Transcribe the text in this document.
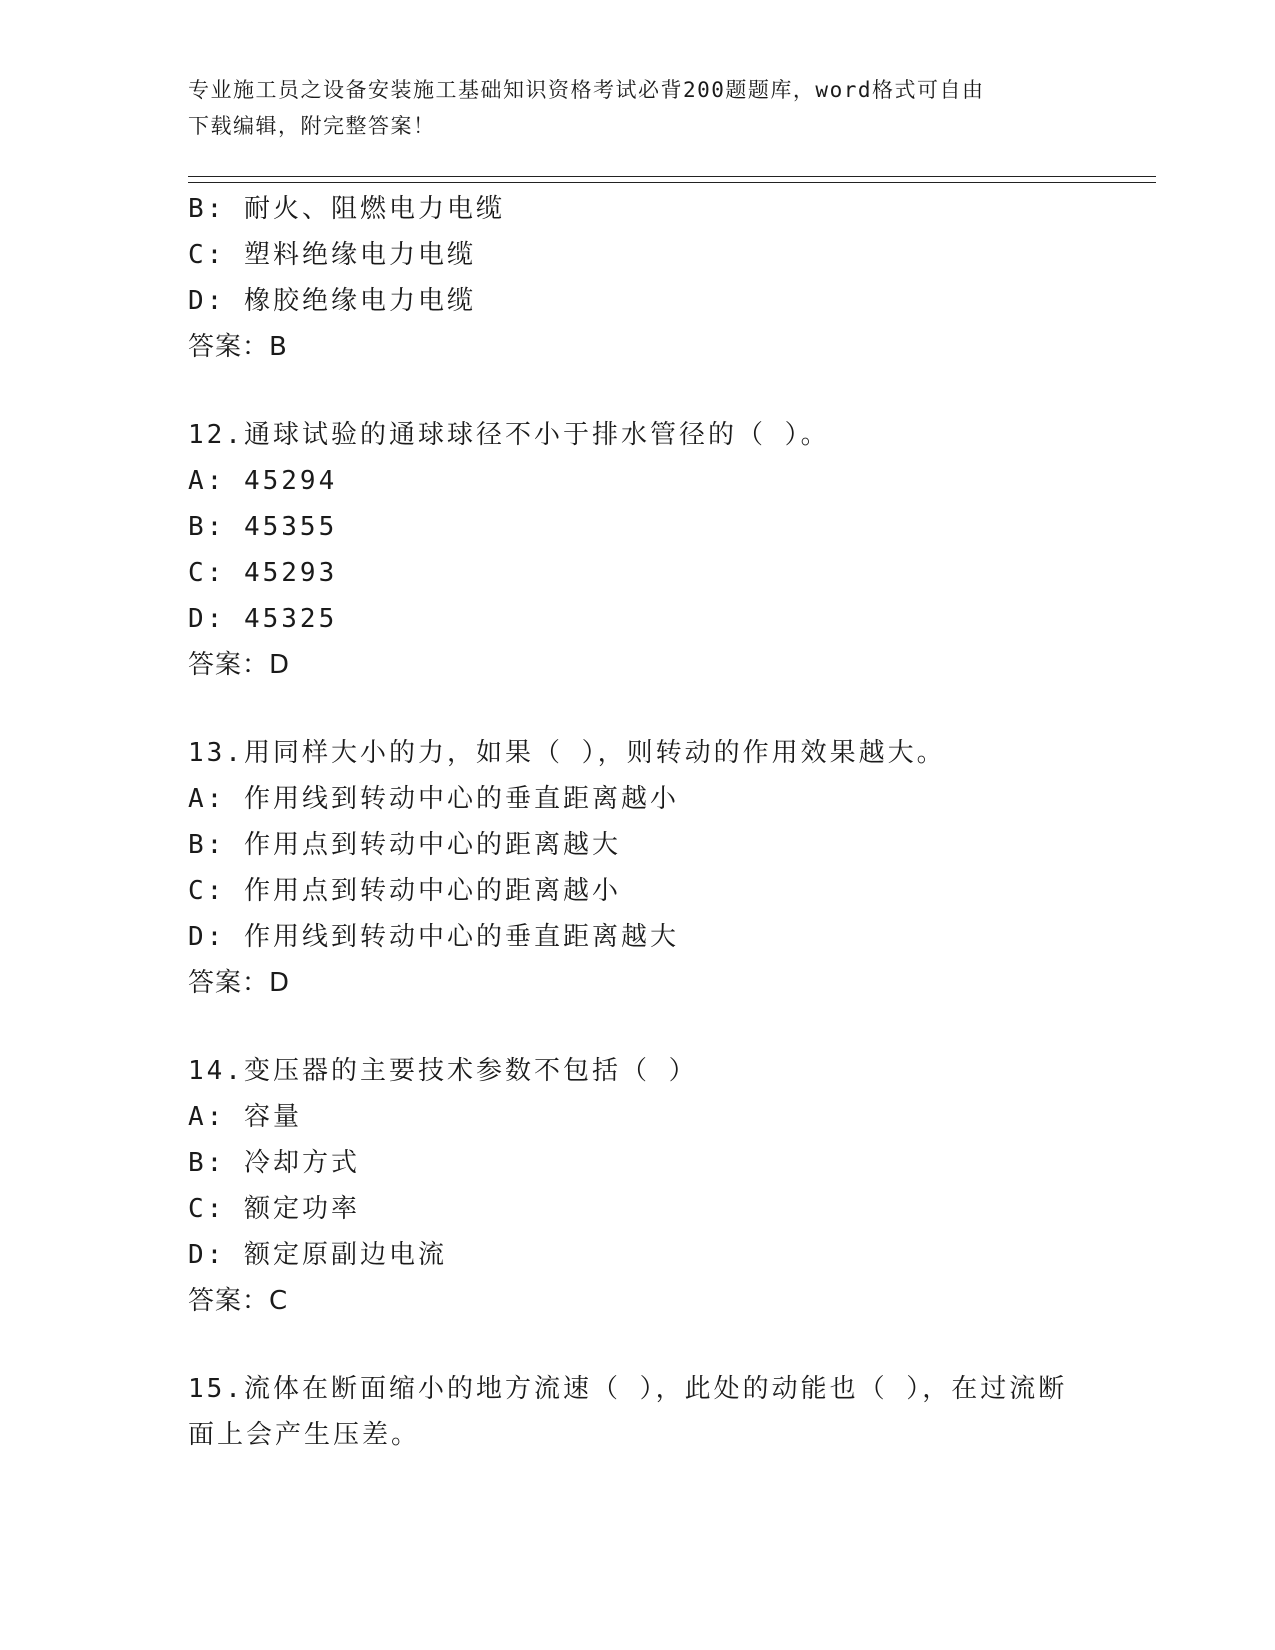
专业施工员之设备安装施工基础知识资格考试必背200题题库，word格式可自由
下载编辑，附完整答案！
B: 耐火、阻燃电力电缆
C: 塑料绝缘电力电缆
D: 橡胶绝缘电力电缆
答案：B
12.通球试验的通球球径不小于排水管径的（ ）。
A: 45294
B: 45355
C: 45293
D: 45325
答案：D
13.用同样大小的力，如果（ ），则转动的作用效果越大。
A: 作用线到转动中心的垂直距离越小
B: 作用点到转动中心的距离越大
C: 作用点到转动中心的距离越小
D: 作用线到转动中心的垂直距离越大
答案：D
14.变压器的主要技术参数不包括（ ）
A: 容量
B: 冷却方式
C: 额定功率
D: 额定原副边电流
答案：C
15.流体在断面缩小的地方流速（ ），此处的动能也（ ），在过流断
面上会产生压差。
